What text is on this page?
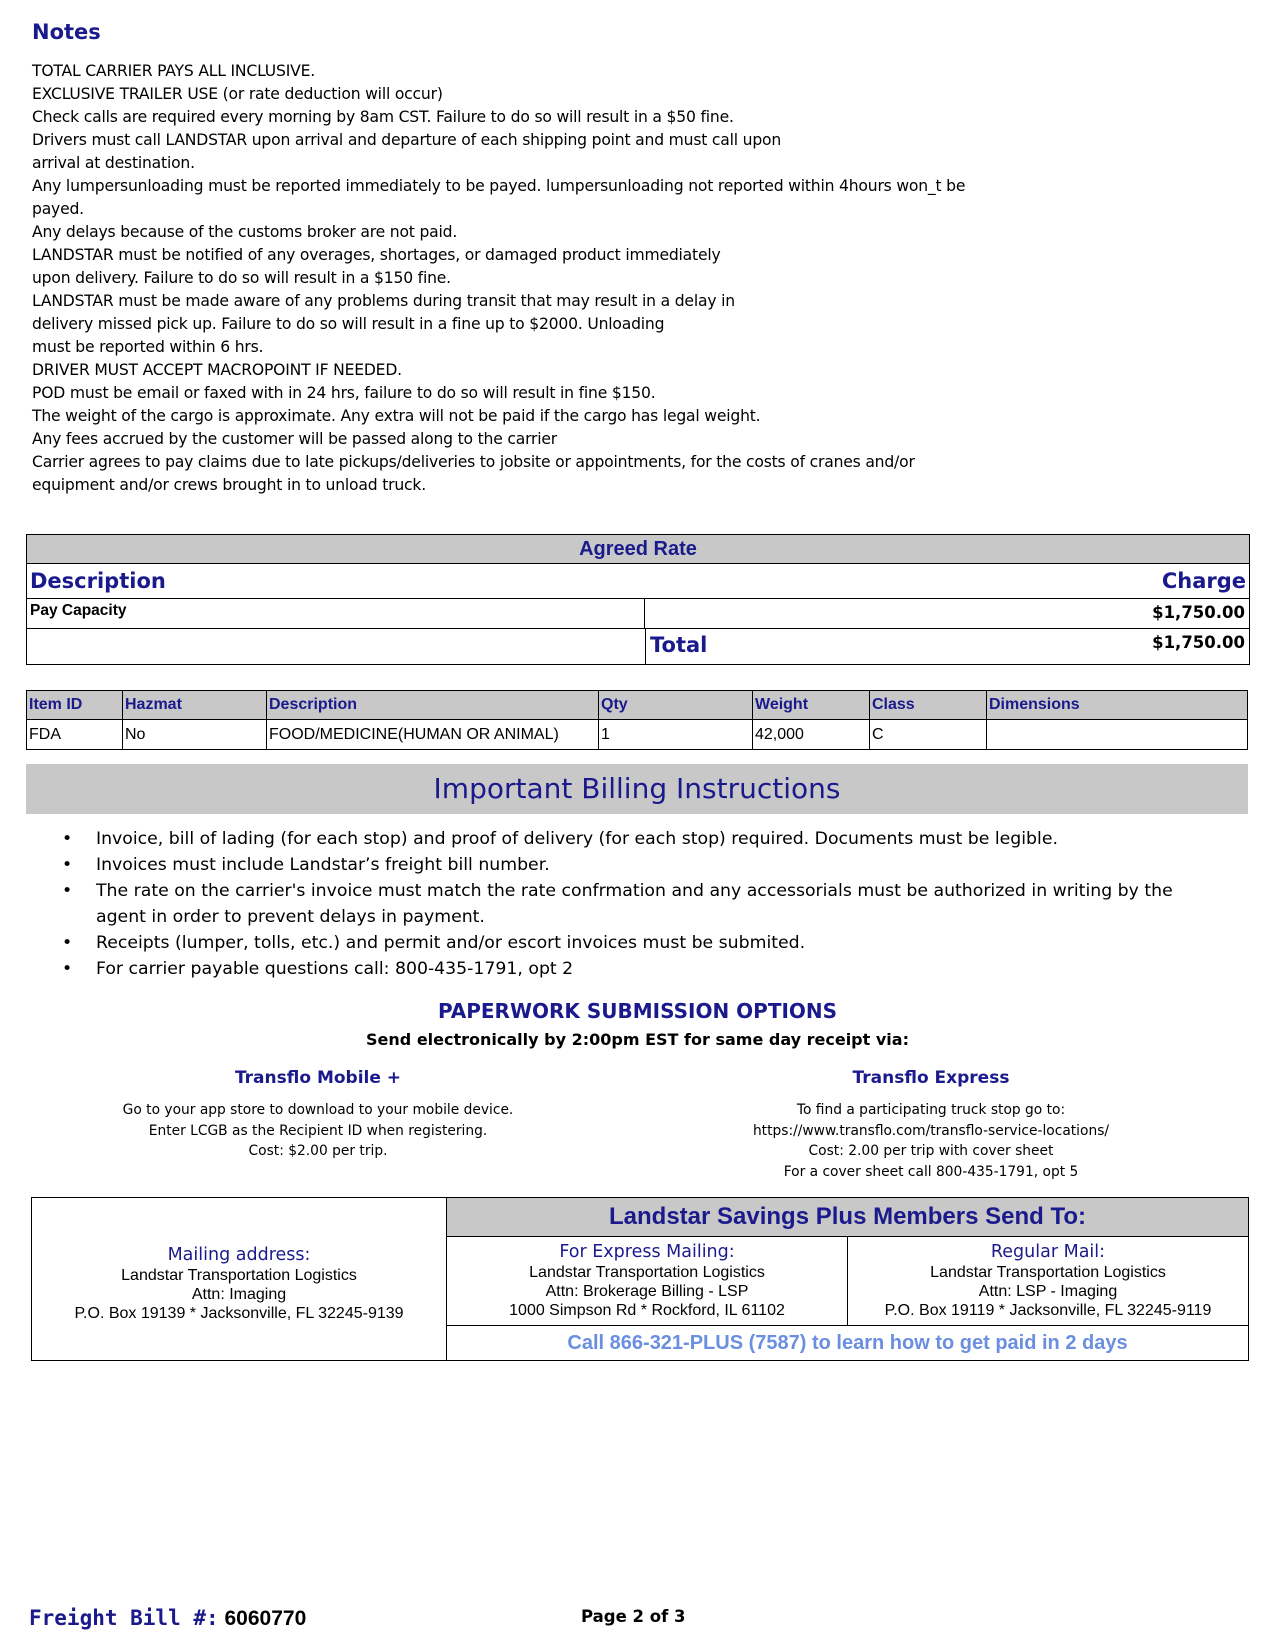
Notes
TOTAL CARRIER PAYS ALL INCLUSIVE.
EXCLUSIVE TRAILER USE (or rate deduction will occur)
Check calls are required every morning by 8am CST. Failure to do so will result in a $50 fine.
Drivers must call LANDSTAR upon arrival and departure of each shipping point and must call upon
arrival at destination.
Any lumpersunloading must be reported immediately to be payed. lumpersunloading not reported within 4hours won_t be
payed.
Any delays because of the customs broker are not paid.
LANDSTAR must be notified of any overages, shortages, or damaged product immediately
upon delivery. Failure to do so will result in a $150 fine.
LANDSTAR must be made aware of any problems during transit that may result in a delay in
delivery missed pick up. Failure to do so will result in a fine up to $2000. Unloading
must be reported within 6 hrs.
DRIVER MUST ACCEPT MACROPOINT IF NEEDED.
POD must be email or faxed with in 24 hrs, failure to do so will result in fine $150.
The weight of the cargo is approximate. Any extra will not be paid if the cargo has legal weight.
Any fees accrued by the customer will be passed along to the carrier
Carrier agrees to pay claims due to late pickups/deliveries to jobsite or appointments, for the costs of cranes and/or
equipment and/or crews brought in to unload truck.
Agreed Rate
Description	Charge
Pay Capacity	$1,750.00
Total	$1,750.00
Item ID	Hazmat	Description	Qty	Weight	Class	Dimensions
FDA	No	FOOD/MEDICINE(HUMAN OR ANIMAL)	1	42,000	C	
Important Billing Instructions
•	Invoice, bill of lading (for each stop) and proof of delivery (for each stop) required. Documents must be legible.
•	Invoices must include Landstar’s freight bill number.
•	The rate on the carrier's invoice must match the rate confrmation and any accessorials must be authorized in writing by the agent in order to prevent delays in payment.
•	Receipts (lumper, tolls, etc.) and permit and/or escort invoices must be submited.
•	For carrier payable questions call: 800-435-1791, opt 2
PAPERWORK SUBMISSION OPTIONS
Send electronically by 2:00pm EST for same day receipt via:
Transflo Mobile +
Go to your app store to download to your mobile device.
Enter LCGB as the Recipient ID when registering.
Cost: $2.00 per trip.
Transflo Express
To find a participating truck stop go to:
https://www.transflo.com/transflo-service-locations/
Cost: 2.00 per trip with cover sheet
For a cover sheet call 800-435-1791, opt 5
Mailing address:
Landstar Transportation Logistics
Attn: Imaging
P.O. Box 19139 * Jacksonville, FL 32245-9139
Landstar Savings Plus Members Send To:
For Express Mailing:
Landstar Transportation Logistics
Attn: Brokerage Billing - LSP
1000 Simpson Rd * Rockford, IL 61102
Regular Mail:
Landstar Transportation Logistics
Attn: LSP - Imaging
P.O. Box 19119 * Jacksonville, FL 32245-9119
Call 866-321-PLUS (7587) to learn how to get paid in 2 days
Freight Bill #: 6060770	Page 2 of 3
